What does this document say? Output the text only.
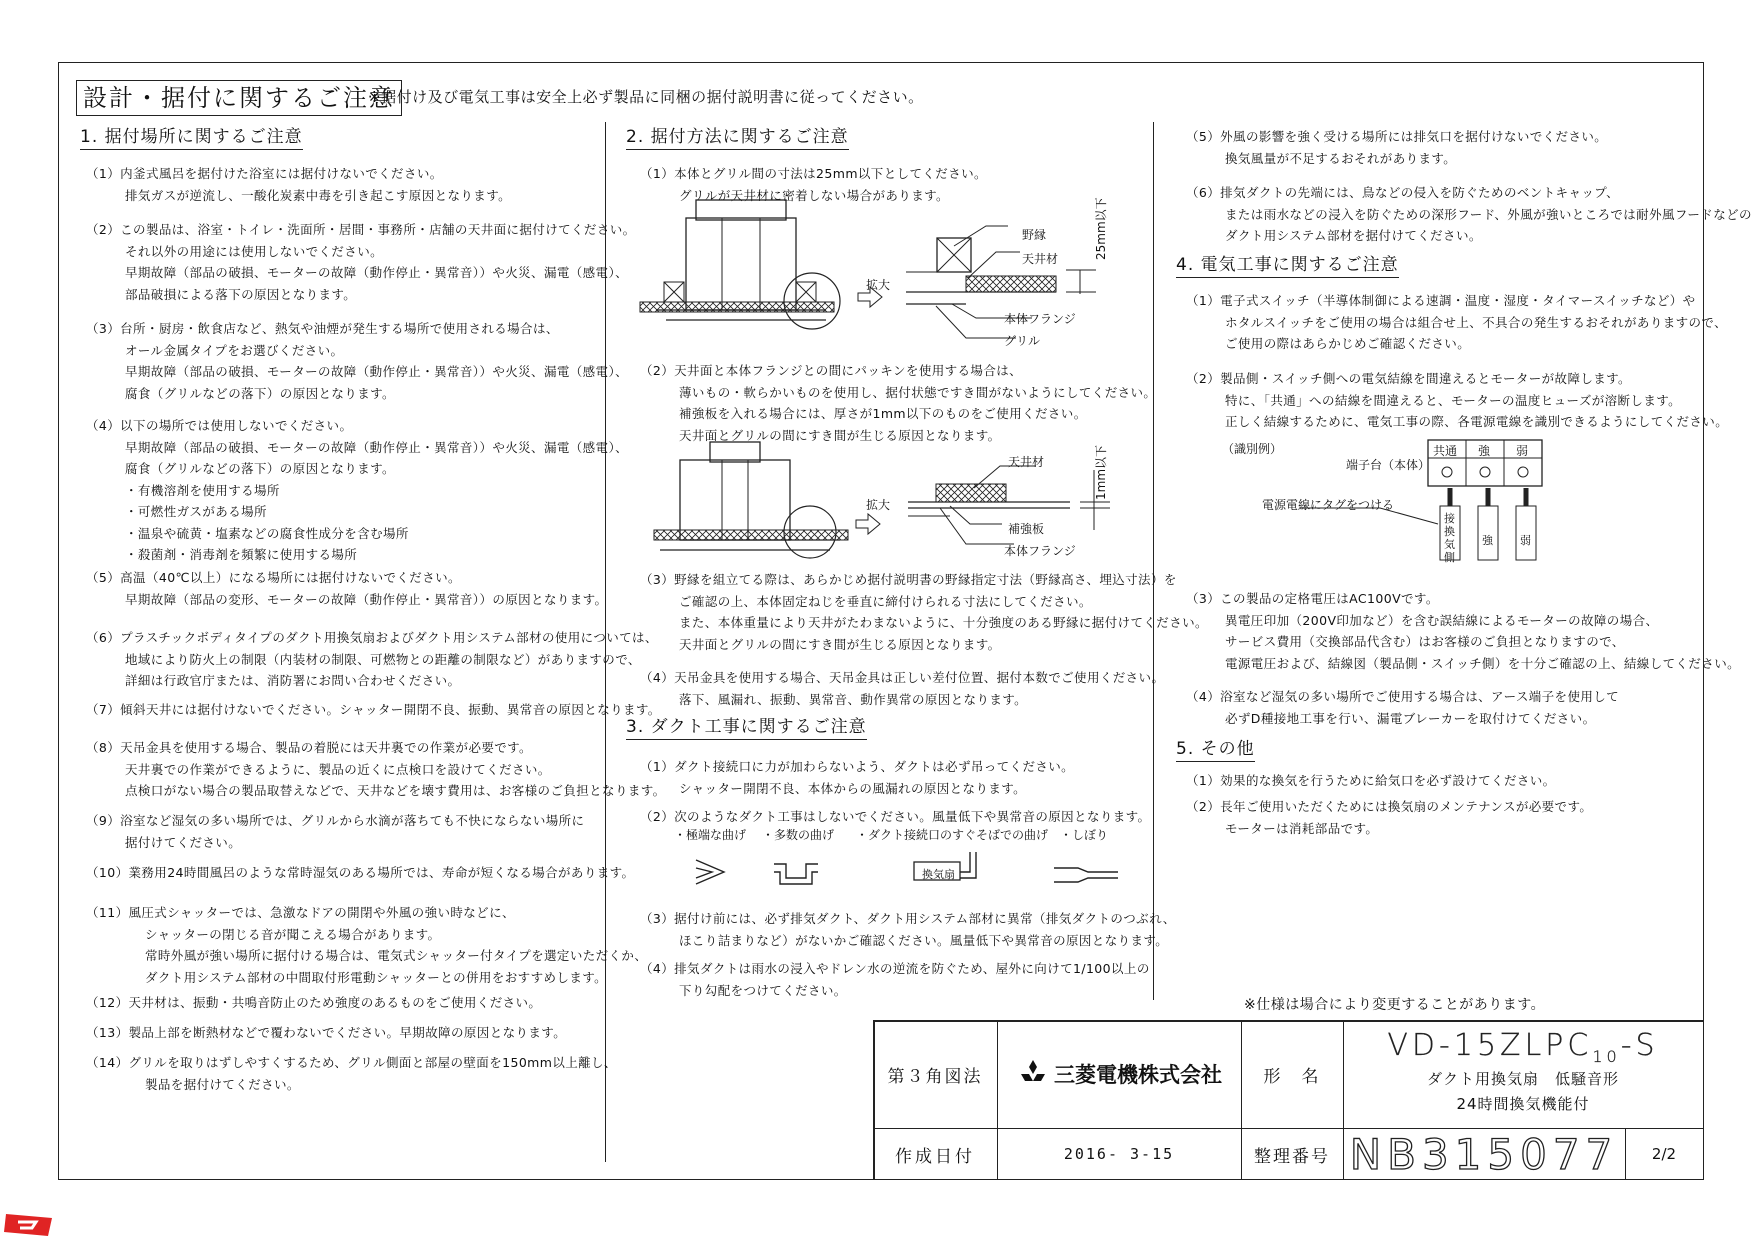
設計・据付に関するご注意
※据付け及び電気工事は安全上必ず製品に同梱の据付説明書に従ってください。
1. 据付場所に関するご注意
（1）内釜式風呂を据付けた浴室には据付けないでください。
排気ガスが逆流し、一酸化炭素中毒を引き起こす原因となります。
（2）この製品は、浴室・トイレ・洗面所・居間・事務所・店舗の天井面に据付けてください。
それ以外の用途には使用しないでください。
早期故障（部品の破損、モーターの故障（動作停止・異常音））や火災、漏電（感電）、
部品破損による落下の原因となります。
（3）台所・厨房・飲食店など、熱気や油煙が発生する場所で使用される場合は、
オール金属タイプをお選びください。
早期故障（部品の破損、モーターの故障（動作停止・異常音））や火災、漏電（感電）、
腐食（グリルなどの落下）の原因となります。
（4）以下の場所では使用しないでください。
早期故障（部品の破損、モーターの故障（動作停止・異常音））や火災、漏電（感電）、
腐食（グリルなどの落下）の原因となります。
・有機溶剤を使用する場所
・可燃性ガスがある場所
・温泉や硫黄・塩素などの腐食性成分を含む場所
・殺菌剤・消毒剤を頻繁に使用する場所
（5）高温（40℃以上）になる場所には据付けないでください。
早期故障（部品の変形、モーターの故障（動作停止・異常音））の原因となります。
（6）プラスチックボディタイプのダクト用換気扇およびダクト用システム部材の使用については、
地域により防火上の制限（内装材の制限、可燃物との距離の制限など）がありますので、
詳細は行政官庁または、消防署にお問い合わせください。
（7）傾斜天井には据付けないでください。シャッター開閉不良、振動、異常音の原因となります。
（8）天吊金具を使用する場合、製品の着脱には天井裏での作業が必要です。
天井裏での作業ができるように、製品の近くに点検口を設けてください。
点検口がない場合の製品取替えなどで、天井などを壊す費用は、お客様のご負担となります。
（9）浴室など湿気の多い場所では、グリルから水滴が落ちても不快にならない場所に
据付けてください。
（10）業務用24時間風呂のような常時湿気のある場所では、寿命が短くなる場合があります。
（11）風圧式シャッターでは、急激なドアの開閉や外風の強い時などに、
シャッターの閉じる音が聞こえる場合があります。
常時外風が強い場所に据付ける場合は、電気式シャッター付タイプを選定いただくか、
ダクト用システム部材の中間取付形電動シャッターとの併用をおすすめします。
（12）天井材は、振動・共鳴音防止のため強度のあるものをご使用ください。
（13）製品上部を断熱材などで覆わないでください。早期故障の原因となります。
（14）グリルを取りはずしやすくするため、グリル側面と部屋の壁面を150mm以上離し、
製品を据付けてください。
2. 据付方法に関するご注意
（1）本体とグリル間の寸法は25mm以下としてください。
グリルが天井材に密着しない場合があります。
（2）天井面と本体フランジとの間にパッキンを使用する場合は、
薄いもの・軟らかいものを使用し、据付状態ですき間がないようにしてください。
補強板を入れる場合には、厚さが1mm以下のものをご使用ください。
天井面とグリルの間にすき間が生じる原因となります。
（3）野縁を組立てる際は、あらかじめ据付説明書の野縁指定寸法（野縁高さ、埋込寸法）を
ご確認の上、本体固定ねじを垂直に締付けられる寸法にしてください。
また、本体重量により天井がたわまないように、十分強度のある野縁に据付けてください。
天井面とグリルの間にすき間が生じる原因となります。
（4）天吊金具を使用する場合、天吊金具は正しい差付位置、据付本数でご使用ください。
落下、風漏れ、振動、異常音、動作異常の原因となります。
野縁
天井材
本体フランジ
グリル
拡大
25mm以下
天井材
補強板
本体フランジ
拡大
1mm以下
3. ダクト工事に関するご注意
（1）ダクト接続口に力が加わらないよう、ダクトは必ず吊ってください。
シャッター開閉不良、本体からの風漏れの原因となります。
（2）次のようなダクト工事はしないでください。風量低下や異常音の原因となります。
（3）据付け前には、必ず排気ダクト、ダクト用システム部材に異常（排気ダクトのつぶれ、
ほこり詰まりなど）がないかご確認ください。風量低下や異常音の原因となります。
（4）排気ダクトは雨水の浸入やドレン水の逆流を防ぐため、屋外に向けて1/100以上の
下り勾配をつけてください。
・極端な曲げ ・多数の曲げ ・ダクト接続口のすぐそばでの曲げ ・しぼり
換気扇
（5）外風の影響を強く受ける場所には排気口を据付けないでください。
換気風量が不足するおそれがあります。
（6）排気ダクトの先端には、鳥などの侵入を防ぐためのベントキャップ、
または雨水などの浸入を防ぐための深形フード、外風が強いところでは耐外風フードなどの
ダクト用システム部材を据付けてください。
4. 電気工事に関するご注意
（1）電子式スイッチ（半導体制御による速調・温度・湿度・タイマースイッチなど）や
ホタルスイッチをご使用の場合は組合せ上、不具合の発生するおそれがありますので、
ご使用の際はあらかじめご確認ください。
（2）製品側・スイッチ側への電気結線を間違えるとモーターが故障します。
特に、「共通」への結線を間違えると、モーターの温度ヒューズが溶断します。
正しく結線するために、電気工事の際、各電源電線を識別できるようにしてください。
（3）この製品の定格電圧はAC100Vです。
異電圧印加（200V印加など）を含む誤結線によるモーターの故障の場合、
サービス費用（交換部品代含む）はお客様のご負担となりますので、
電源電圧および、結線図（製品側・スイッチ側）を十分ご確認の上、結線してください。
（4）浴室など湿気の多い場所でご使用する場合は、アース端子を使用して
必ずD種接地工事を行い、漏電ブレーカーを取付けてください。
（識別例）
端子台（本体）
電源電線にタグをつける
共通 強 弱
接換気側
強 弱
5. その他
（1）効果的な換気を行うために給気口を必ず設けてください。
（2）長年ご使用いただくためには換気扇のメンテナンスが必要です。
モーターは消耗部品です。
※仕様は場合により変更することがあります。
第３角図法	三菱電機株式会社	形　名
$VD-15ZLPC_{10}-S$
ダクト用換気扇　低騒音形
24時間換気機能付
作成日付	2016- 3-15	整理番号 NB315077	2/2
